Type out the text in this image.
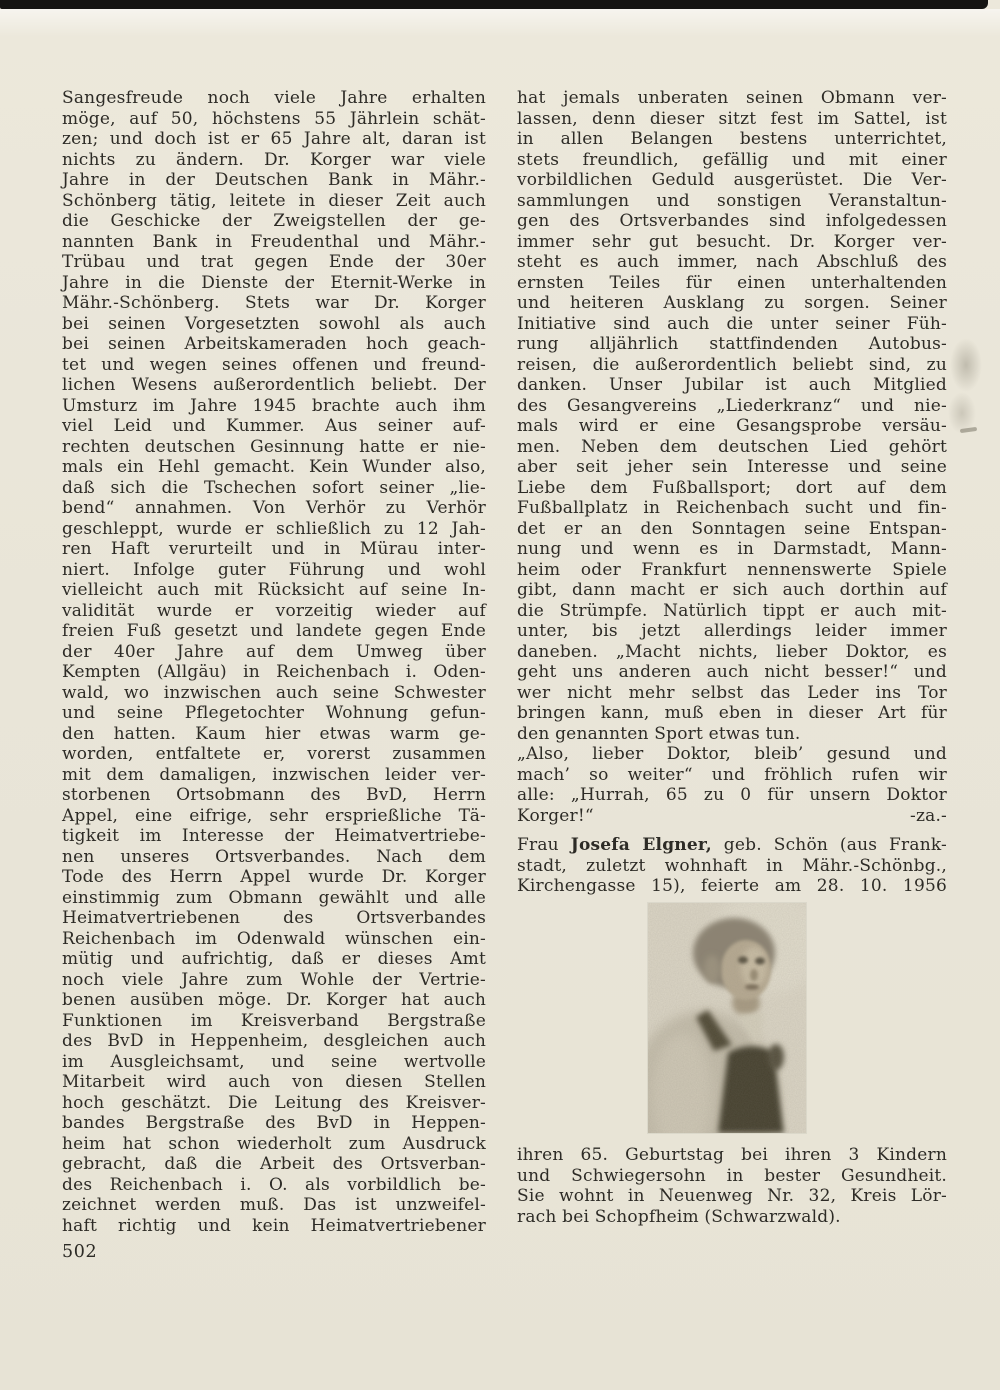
Sangesfreude noch viele Jahre erhalten
möge, auf 50, höchstens 55 Jährlein schät-
zen; und doch ist er 65 Jahre alt, daran ist
nichts zu ändern. Dr. Korger war viele
Jahre in der Deutschen Bank in Mähr.-
Schönberg tätig, leitete in dieser Zeit auch
die Geschicke der Zweigstellen der ge-
nannten Bank in Freudenthal und Mähr.-
Trübau und trat gegen Ende der 30er
Jahre in die Dienste der Eternit-Werke in
Mähr.-Schönberg. Stets war Dr. Korger
bei seinen Vorgesetzten sowohl als auch
bei seinen Arbeitskameraden hoch geach-
tet und wegen seines offenen und freund-
lichen Wesens außerordentlich beliebt. Der
Umsturz im Jahre 1945 brachte auch ihm
viel Leid und Kummer. Aus seiner auf-
rechten deutschen Gesinnung hatte er nie-
mals ein Hehl gemacht. Kein Wunder also,
daß sich die Tschechen sofort seiner „lie-
bend“ annahmen. Von Verhör zu Verhör
geschleppt, wurde er schließlich zu 12 Jah-
ren Haft verurteilt und in Mürau inter-
niert. Infolge guter Führung und wohl
vielleicht auch mit Rücksicht auf seine In-
validität wurde er vorzeitig wieder auf
freien Fuß gesetzt und landete gegen Ende
der 40er Jahre auf dem Umweg über
Kempten (Allgäu) in Reichenbach i. Oden-
wald, wo inzwischen auch seine Schwester
und seine Pflegetochter Wohnung gefun-
den hatten. Kaum hier etwas warm ge-
worden, entfaltete er, vorerst zusammen
mit dem damaligen, inzwischen leider ver-
storbenen Ortsobmann des BvD, Herrn
Appel, eine eifrige, sehr ersprießliche Tä-
tigkeit im Interesse der Heimatvertriebe-
nen unseres Ortsverbandes. Nach dem
Tode des Herrn Appel wurde Dr. Korger
einstimmig zum Obmann gewählt und alle
Heimatvertriebenen des Ortsverbandes
Reichenbach im Odenwald wünschen ein-
mütig und aufrichtig, daß er dieses Amt
noch viele Jahre zum Wohle der Vertrie-
benen ausüben möge. Dr. Korger hat auch
Funktionen im Kreisverband Bergstraße
des BvD in Heppenheim, desgleichen auch
im Ausgleichsamt, und seine wertvolle
Mitarbeit wird auch von diesen Stellen
hoch geschätzt. Die Leitung des Kreisver-
bandes Bergstraße des BvD in Heppen-
heim hat schon wiederholt zum Ausdruck
gebracht, daß die Arbeit des Ortsverban-
des Reichenbach i. O. als vorbildlich be-
zeichnet werden muß. Das ist unzweifel-
haft richtig und kein Heimatvertriebener
hat jemals unberaten seinen Obmann ver-
lassen, denn dieser sitzt fest im Sattel, ist
in allen Belangen bestens unterrichtet,
stets freundlich, gefällig und mit einer
vorbildlichen Geduld ausgerüstet. Die Ver-
sammlungen und sonstigen Veranstaltun-
gen des Ortsverbandes sind infolgedessen
immer sehr gut besucht. Dr. Korger ver-
steht es auch immer, nach Abschluß des
ernsten Teiles für einen unterhaltenden
und heiteren Ausklang zu sorgen. Seiner
Initiative sind auch die unter seiner Füh-
rung alljährlich stattfindenden Autobus-
reisen, die außerordentlich beliebt sind, zu
danken. Unser Jubilar ist auch Mitglied
des Gesangvereins „Liederkranz“ und nie-
mals wird er eine Gesangsprobe versäu-
men. Neben dem deutschen Lied gehört
aber seit jeher sein Interesse und seine
Liebe dem Fußballsport; dort auf dem
Fußballplatz in Reichenbach sucht und fin-
det er an den Sonntagen seine Entspan-
nung und wenn es in Darmstadt, Mann-
heim oder Frankfurt nennenswerte Spiele
gibt, dann macht er sich auch dorthin auf
die Strümpfe. Natürlich tippt er auch mit-
unter, bis jetzt allerdings leider immer
daneben. „Macht nichts, lieber Doktor, es
geht uns anderen auch nicht besser!“ und
wer nicht mehr selbst das Leder ins Tor
bringen kann, muß eben in dieser Art für
den genannten Sport etwas tun.
„Also, lieber Doktor, bleib’ gesund und
mach’ so weiter“ und fröhlich rufen wir
alle: „Hurrah, 65 zu 0 für unsern Doktor
Korger!“ -za.-
Frau Josefa Elgner, geb. Schön (aus Frank-
stadt, zuletzt wohnhaft in Mähr.-Schönbg.,
Kirchengasse 15), feierte am 28. 10. 1956
ihren 65. Geburtstag bei ihren 3 Kindern
und Schwiegersohn in bester Gesundheit.
Sie wohnt in Neuenweg Nr. 32, Kreis Lör-
rach bei Schopfheim (Schwarzwald).
502
